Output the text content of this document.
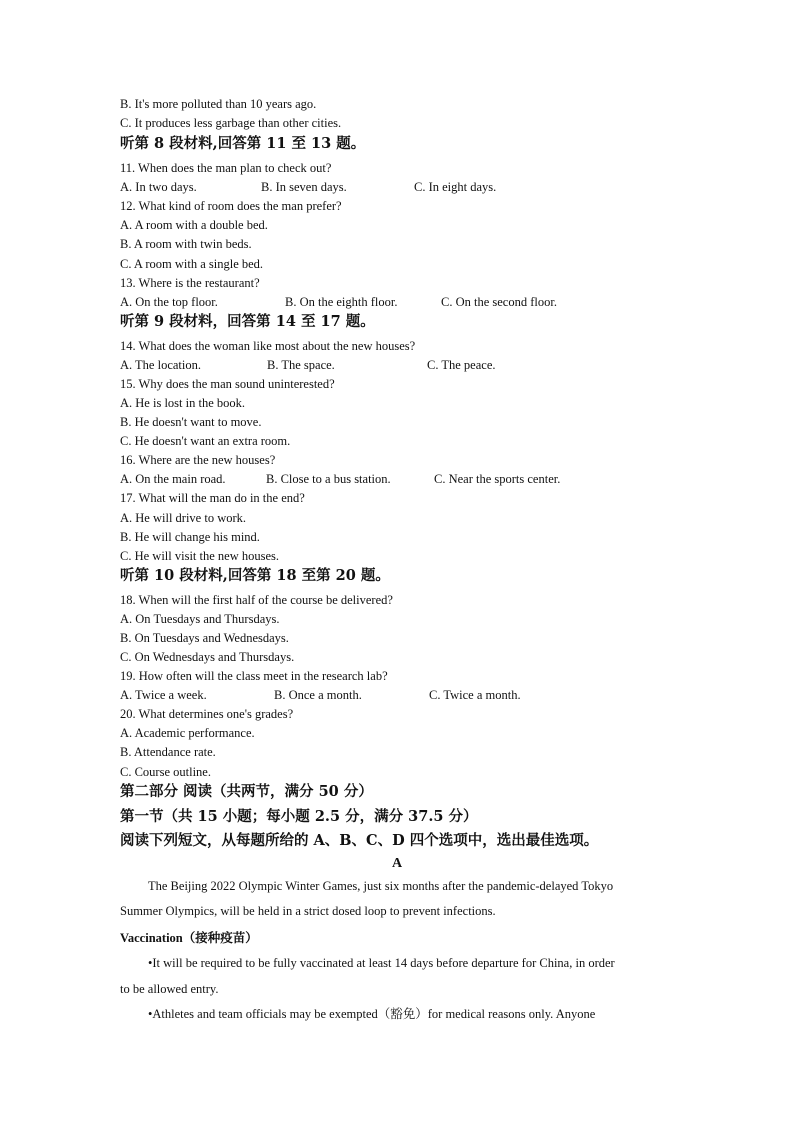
B. It's more polluted than 10 years ago.
C. It produces less garbage than other cities.
听第 8 段材料,回答第 11 至 13 题。
11. When does the man plan to check out?
A. In two days.	B. In seven days.	C. In eight days.
12. What kind of room does the man prefer?
A. A room with a double bed.
B. A room with twin beds.
C. A room with a single bed.
13. Where is the restaurant?
A. On the top floor.	B. On the eighth floor.	C. On the second floor.
听第 9 段材料，回答第 14 至 17 题。
14. What does the woman like most about the new houses?
A. The location.	B. The space.	C. The peace.
15. Why does the man sound uninterested?
A. He is lost in the book.
B. He doesn't want to move.
C. He doesn't want an extra room.
16. Where are the new houses?
A. On the main road.	B. Close to a bus station.	C. Near the sports center.
17. What will the man do in the end?
A. He will drive to work.
B. He will change his mind.
C. He will visit the new houses.
听第 10 段材料,回答第 18 至第 20 题。
18. When will the first half of the course be delivered?
A. On Tuesdays and Thursdays.
B. On Tuesdays and Wednesdays.
C. On Wednesdays and Thursdays.
19. How often will the class meet in the research lab?
A. Twice a week.	B. Once a month.	C. Twice a month.
20. What determines one's grades?
A. Academic performance.
B. Attendance rate.
C. Course outline.
第二部分 阅读（共两节，满分 50 分）
第一节（共 15 小题；每小题 2.5 分，满分 37.5 分）
阅读下列短文，从每题所给的 A、B、C、D 四个选项中，选出最佳选项。
A
The Beijing 2022 Olympic Winter Games, just six months after the pandemic-delayed Tokyo
Summer Olympics, will be held in a strict dosed loop to prevent infections.
Vaccination（接种疫苗）
•It will be required to be fully vaccinated at least 14 days before departure for China, in order
to be allowed entry.
•Athletes and team officials may be exempted（豁免）for medical reasons only. Anyone
